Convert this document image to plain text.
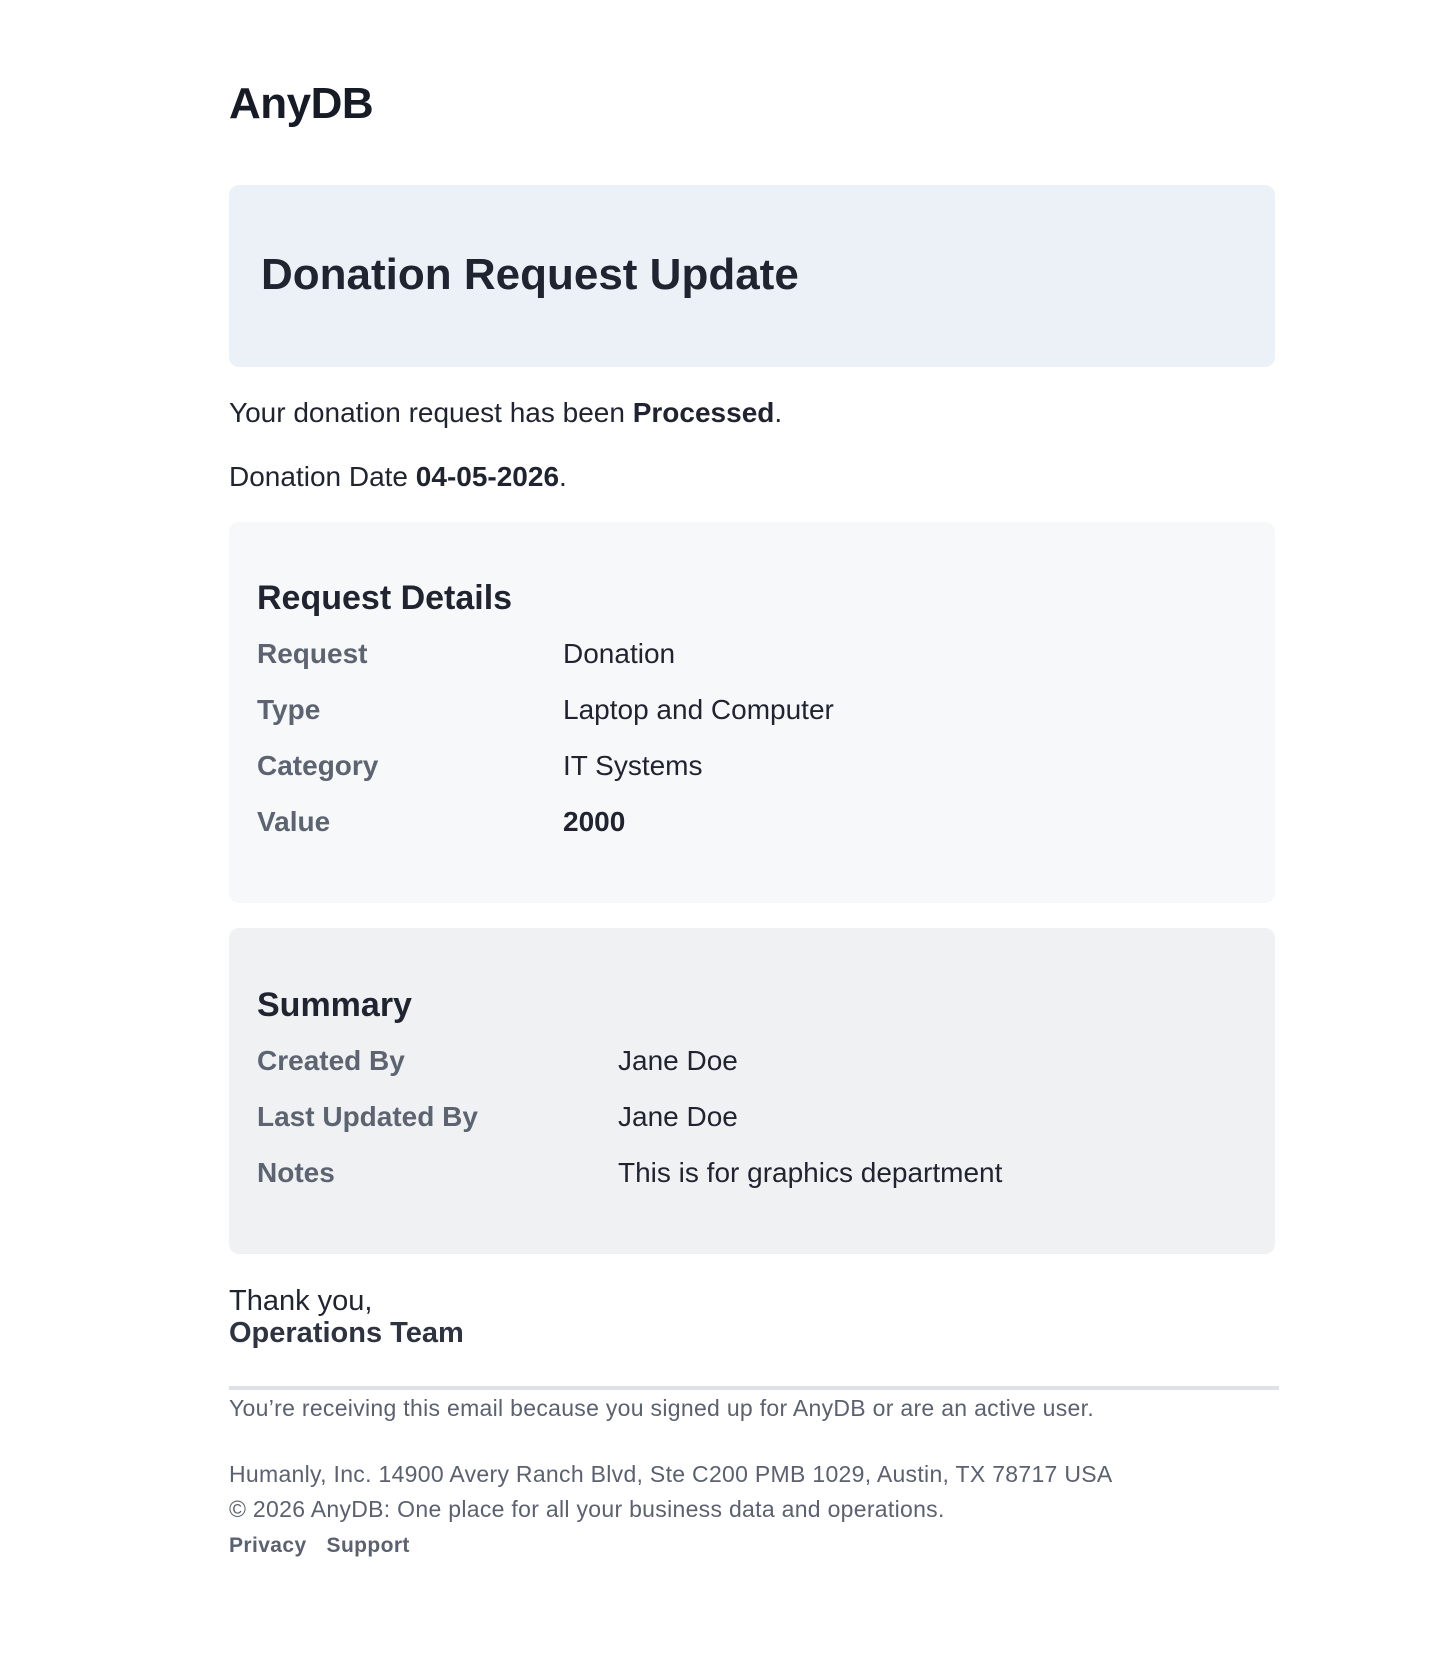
AnyDB
Donation Request Update

Your donation request has been Processed.

Donation Date 04-05-2026.

Request Details
Request	Donation
Type	Laptop and Computer
Category	IT Systems
Value	2000
Summary
Created By	Jane Doe
Last Updated By	Jane Doe
Notes	This is for graphics department

Thank you,

Operations Team

You’re receiving this email because you signed up for AnyDB or are an active user.

Humanly, Inc. 14900 Avery Ranch Blvd, Ste C200 PMB 1029, Austin, TX 78717 USA

© 2026 AnyDB: One place for all your business data and operations.

Privacy Support
